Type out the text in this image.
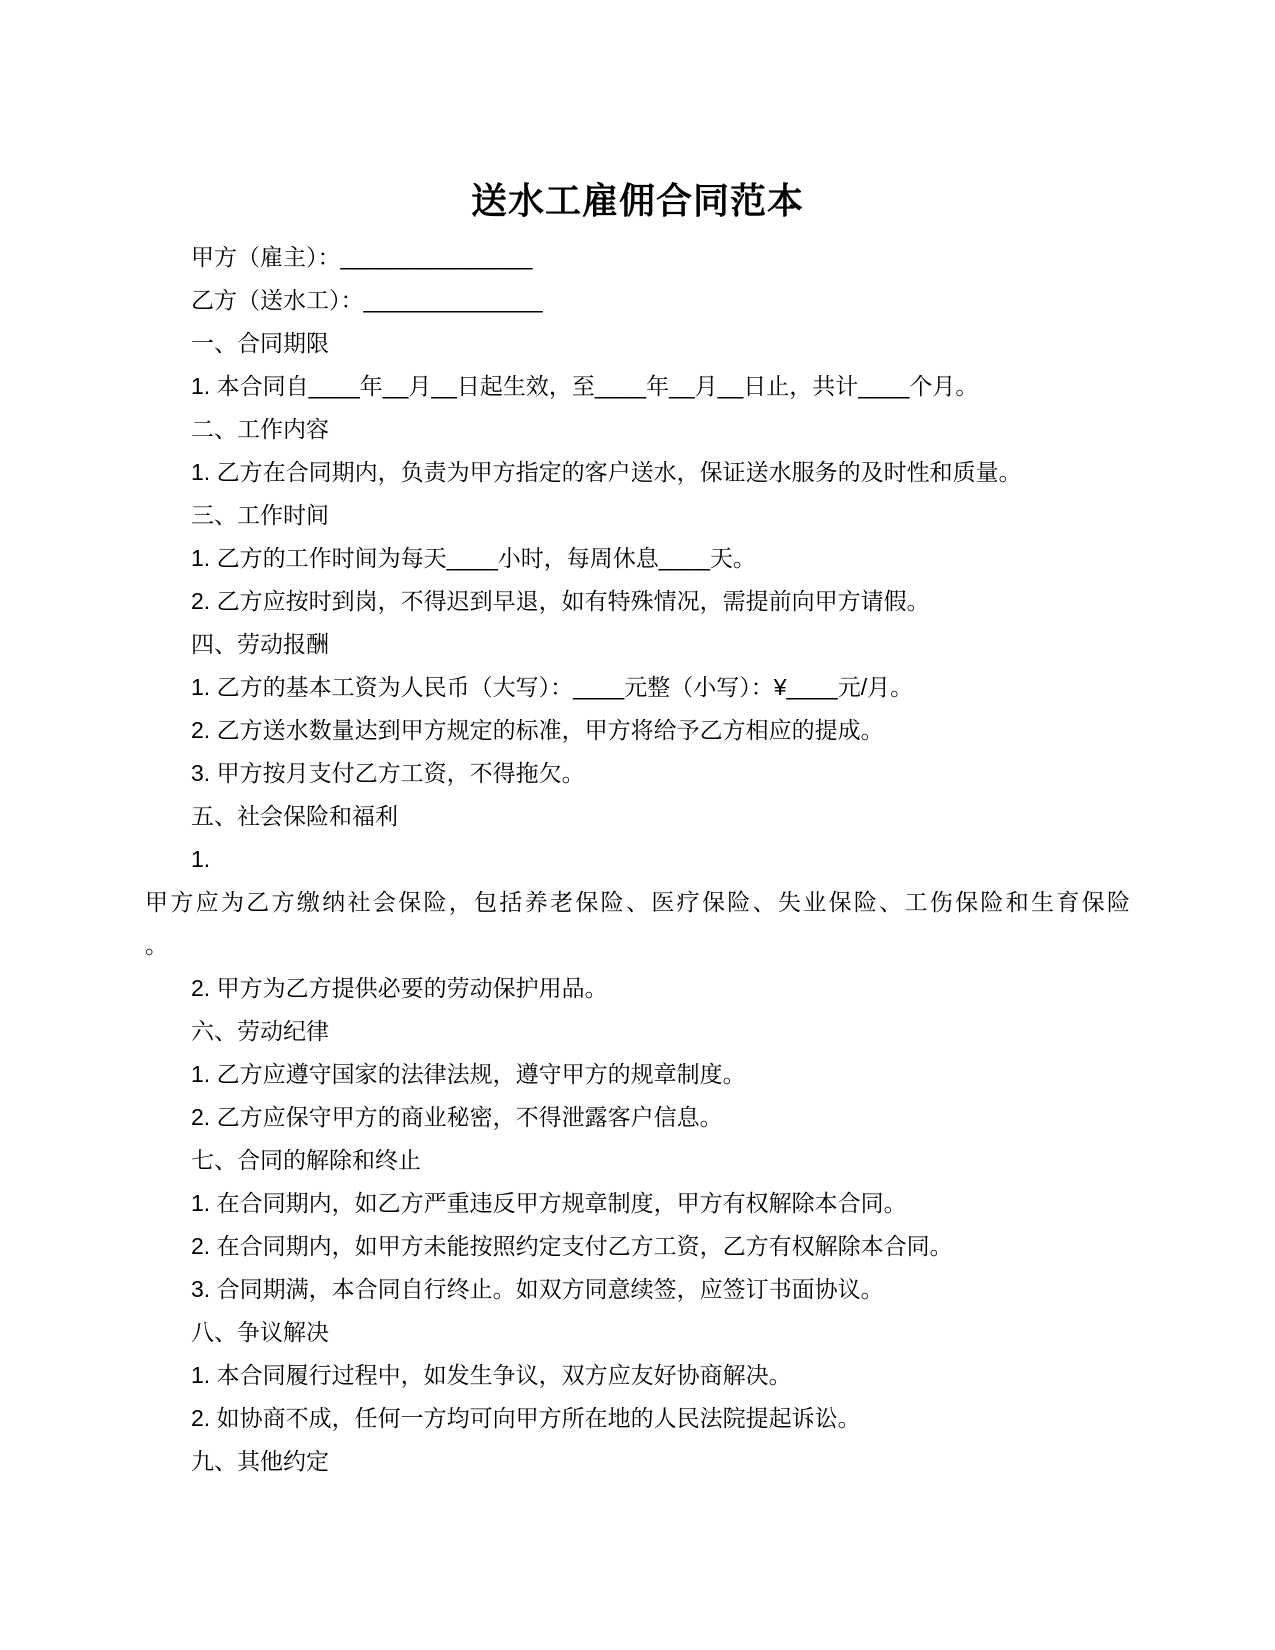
送水工雇佣合同范本

甲方（雇主）：_______________

乙方（送水工）：______________

一、合同期限

1. 本合同自____年__月__日起生效，至____年__月__日止，共计____个月。

二、工作内容

1. 乙方在合同期内，负责为甲方指定的客户送水，保证送水服务的及时性和质量。

三、工作时间

1. 乙方的工作时间为每天____小时，每周休息____天。

2. 乙方应按时到岗，不得迟到早退，如有特殊情况，需提前向甲方请假。

四、劳动报酬

1. 乙方的基本工资为人民币（大写）：____元整（小写）：¥____元/月。

2. 乙方送水数量达到甲方规定的标准，甲方将给予乙方相应的提成。

3. 甲方按月支付乙方工资，不得拖欠。

五、社会保险和福利

1.

甲方应为乙方缴纳社会保险，包括养老保险、医疗保险、失业保险、工伤保险和生育保险

。

2. 甲方为乙方提供必要的劳动保护用品。

六、劳动纪律

1. 乙方应遵守国家的法律法规，遵守甲方的规章制度。

2. 乙方应保守甲方的商业秘密，不得泄露客户信息。

七、合同的解除和终止

1. 在合同期内，如乙方严重违反甲方规章制度，甲方有权解除本合同。

2. 在合同期内，如甲方未能按照约定支付乙方工资，乙方有权解除本合同。

3. 合同期满，本合同自行终止。如双方同意续签，应签订书面协议。

八、争议解决

1. 本合同履行过程中，如发生争议，双方应友好协商解决。

2. 如协商不成，任何一方均可向甲方所在地的人民法院提起诉讼。

九、其他约定
